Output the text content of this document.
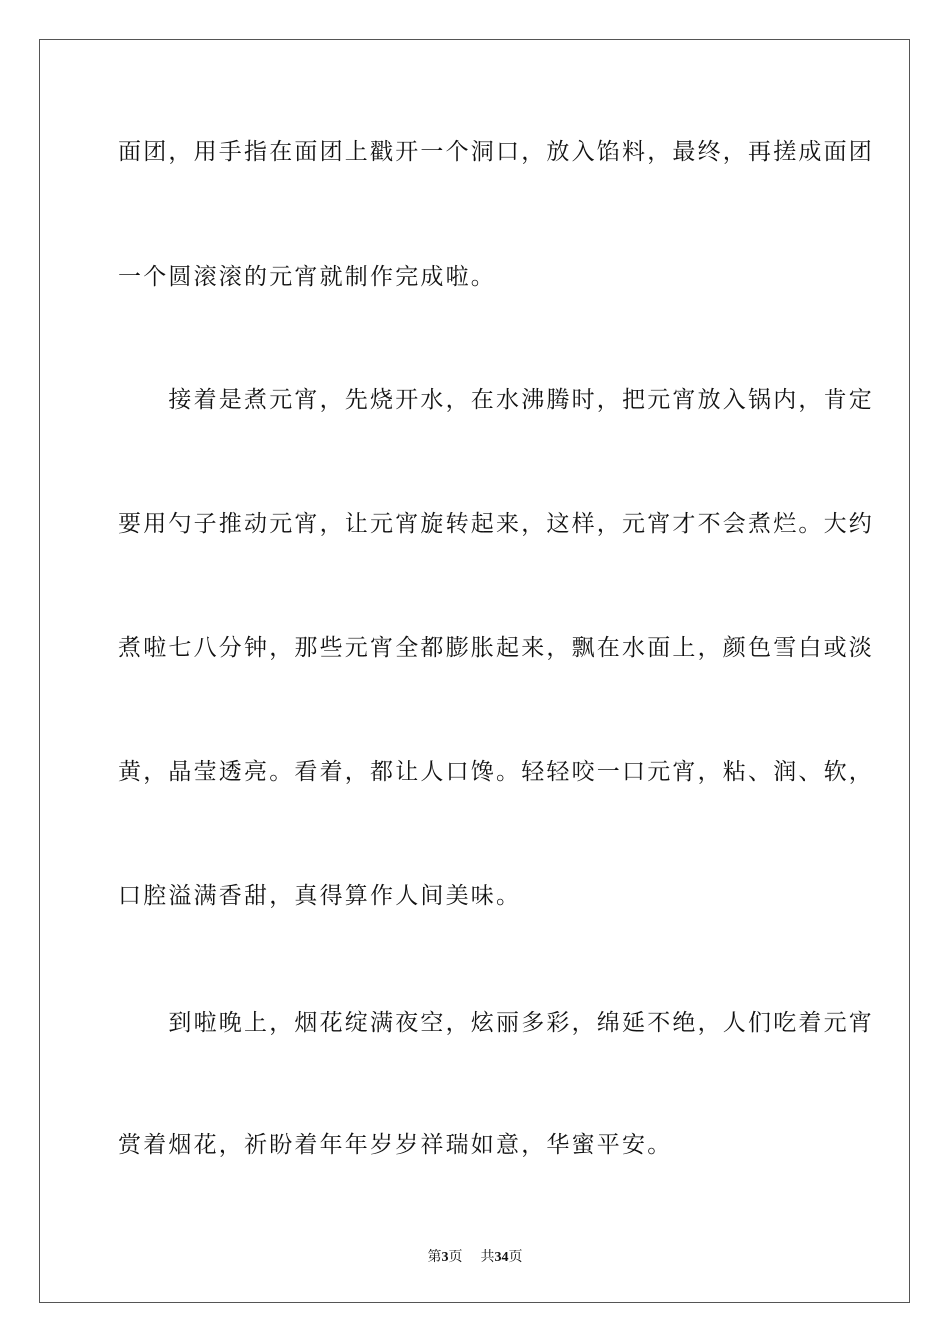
面团，用手指在面团上戳开一个洞口，放入馅料，最终，再搓成面团
一个圆滚滚的元宵就制作完成啦。
　　接着是煮元宵，先烧开水，在水沸腾时，把元宵放入锅内，肯定
要用勺子推动元宵，让元宵旋转起来，这样，元宵才不会煮烂。大约
煮啦七八分钟，那些元宵全都膨胀起来，飘在水面上，颜色雪白或淡
黄，晶莹透亮。看着，都让人口馋。轻轻咬一口元宵，粘、润、软，
口腔溢满香甜，真得算作人间美味。
　　到啦晚上，烟花绽满夜空，炫丽多彩，绵延不绝，人们吃着元宵
赏着烟花，祈盼着年年岁岁祥瑞如意，华蜜平安。
第3页 共34页
